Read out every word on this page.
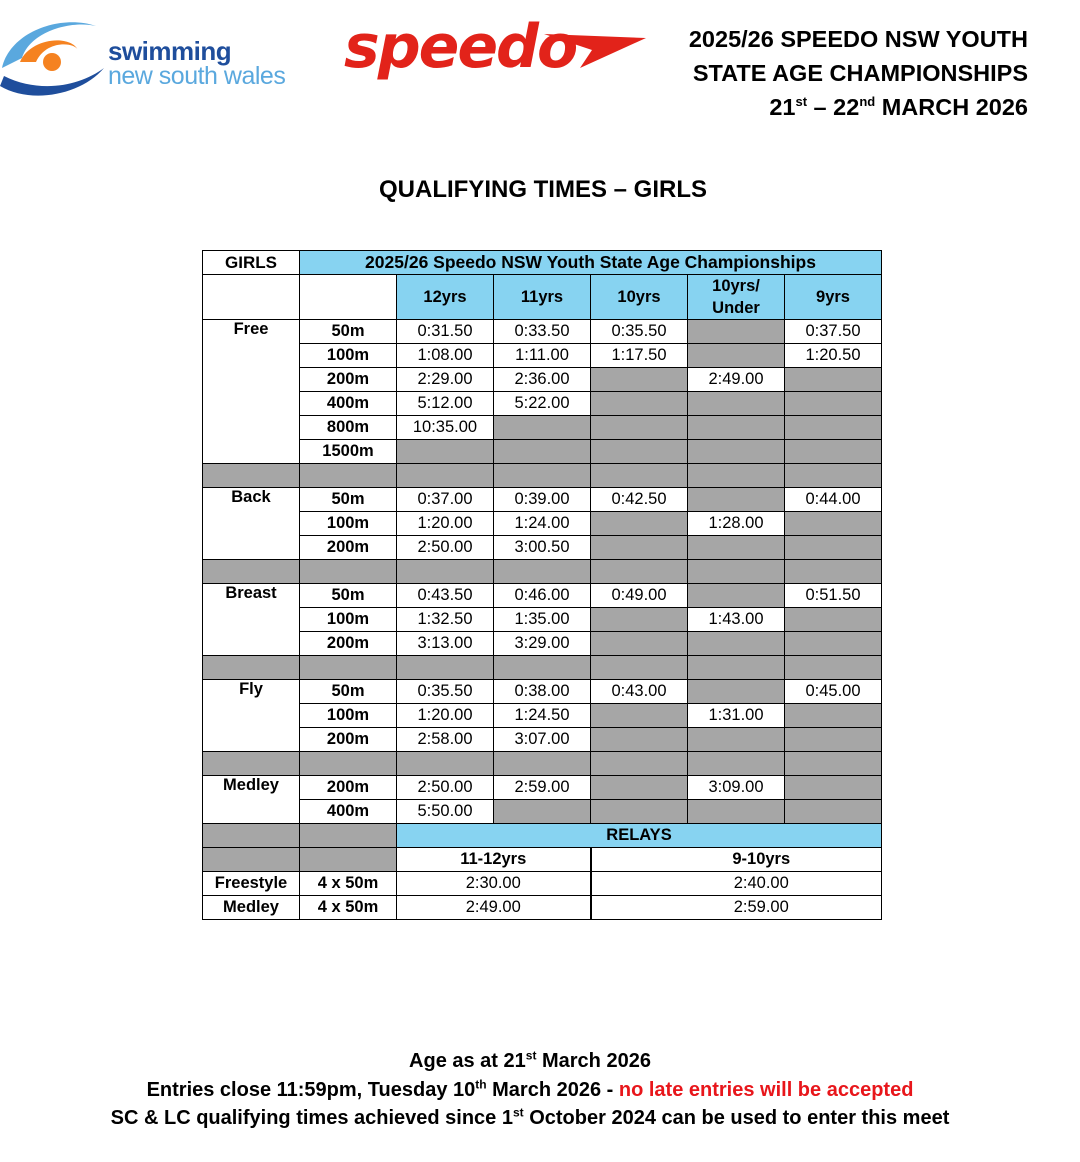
swimming
new south wales speedo	2025/26 SPEEDO NSW YOUTH
STATE AGE CHAMPIONSHIPS
21st – 22nd MARCH 2026
QUALIFYING TIMES – GIRLS
GIRLS	2025/26 Speedo NSW Youth State Age Championships					
		12yrs	11yrs	10yrs	10yrs/ Under	9yrs
Free	50m	0:31.50	0:33.50	0:35.50		0:37.50
	100m	1:08.00	1:11.00	1:17.50		1:20.50
	200m	2:29.00	2:36.00		2:49.00	
	400m	5:12.00	5:22.00			
	800m	10:35.00				
	1500m					

Back	50m	0:37.00	0:39.00	0:42.50		0:44.00
	100m	1:20.00	1:24.00		1:28.00	
	200m	2:50.00	3:00.50			

Breast	50m	0:43.50	0:46.00	0:49.00		0:51.50
	100m	1:32.50	1:35.00		1:43.00	
	200m	3:13.00	3:29.00			

Fly	50m	0:35.50	0:38.00	0:43.00		0:45.00
	100m	1:20.00	1:24.50		1:31.00	
	200m	2:58.00	3:07.00			

Medley	200m	2:50.00	2:59.00		3:09.00	
	400m	5:50.00				
		RELAYS				
		11-12yrs		9-10yrs		
Freestyle	4 x 50m	2:30.00		2:40.00		
Medley	4 x 50m	2:49.00		2:59.00		
Age as at 21st March 2026
Entries close 11:59pm, Tuesday 10th March 2026 - no late entries will be accepted
SC & LC qualifying times achieved since 1st October 2024 can be used to enter this meet
